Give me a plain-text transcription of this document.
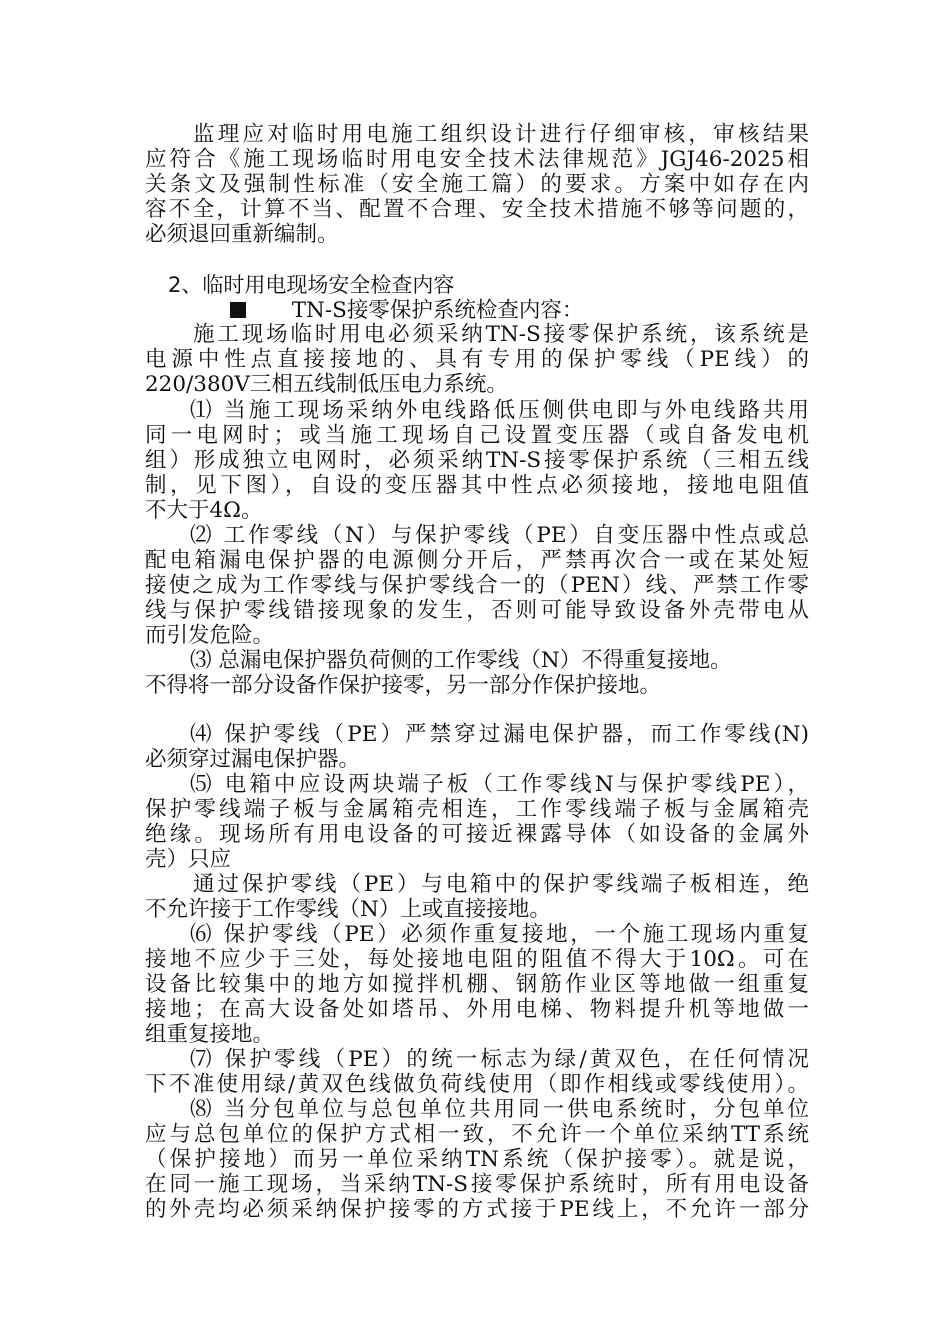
监理应对临时用电施工组织设计进行仔细审核，审核结果

应符合《施工现场临时用电安全技术法律规范》JGJ46-2025相

关条文及强制性标准（安全施工篇）的要求。方案中如存在内

容不全，计算不当、配置不合理、安全技术措施不够等问题的，

必须退回重新编制。

2、临时用电现场安全检查内容

TN-S接零保护系统检查内容：

施工现场临时用电必须采纳TN-S接零保护系统，该系统是

电源中性点直接接地的、具有专用的保护零线（PE线）的

220/380V三相五线制低压电力系统。

⑴ 当施工现场采纳外电线路低压侧供电即与外电线路共用

同一电网时；或当施工现场自己设置变压器（或自备发电机

组）形成独立电网时，必须采纳TN-S接零保护系统（三相五线

制，见下图），自设的变压器其中性点必须接地，接地电阻值

不大于4Ω。

⑵ 工作零线（N）与保护零线（PE）自变压器中性点或总

配电箱漏电保护器的电源侧分开后，严禁再次合一或在某处短

接使之成为工作零线与保护零线合一的（PEN）线、严禁工作零

线与保护零线错接现象的发生，否则可能导致设备外壳带电从

而引发危险。

⑶ 总漏电保护器负荷侧的工作零线（N）不得重复接地。

不得将一部分设备作保护接零，另一部分作保护接地。

⑷ 保护零线（PE）严禁穿过漏电保护器，而工作零线(N)

必须穿过漏电保护器。

⑸ 电箱中应设两块端子板（工作零线N与保护零线PE），

保护零线端子板与金属箱壳相连，工作零线端子板与金属箱壳

绝缘。现场所有用电设备的可接近裸露导体（如设备的金属外

壳）只应

通过保护零线（PE）与电箱中的保护零线端子板相连，绝

不允许接于工作零线（N）上或直接接地。

⑹ 保护零线（PE）必须作重复接地，一个施工现场内重复

接地不应少于三处，每处接地电阻的阻值不得大于10Ω。可在

设备比较集中的地方如搅拌机棚、钢筋作业区等地做一组重复

接地；在高大设备处如塔吊、外用电梯、物料提升机等地做一

组重复接地。

⑺ 保护零线（PE）的统一标志为绿/黄双色，在任何情况

下不准使用绿/黄双色线做负荷线使用（即作相线或零线使用）。

⑻ 当分包单位与总包单位共用同一供电系统时，分包单位

应与总包单位的保护方式相一致，不允许一个单位采纳TT系统

（保护接地）而另一单位采纳TN系统（保护接零）。就是说，

在同一施工现场，当采纳TN-S接零保护系统时，所有用电设备

的外壳均必须采纳保护接零的方式接于PE线上，不允许一部分
